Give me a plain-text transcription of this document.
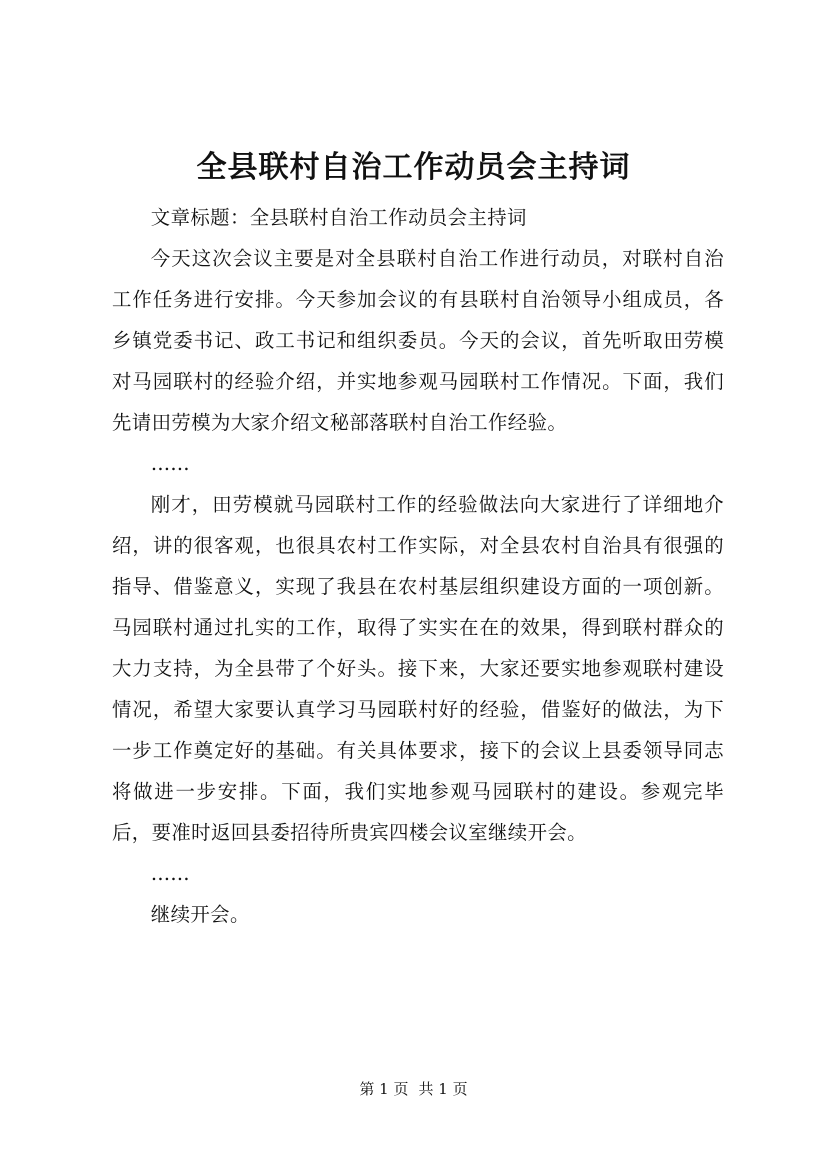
全县联村自治工作动员会主持词

文章标题：全县联村自治工作动员会主持词

今天这次会议主要是对全县联村自治工作进行动员，对联村自治工作任务进行安排。今天参加会议的有县联村自治领导小组成员，各乡镇党委书记、政工书记和组织委员。今天的会议，首先听取田劳模对马园联村的经验介绍，并实地参观马园联村工作情况。下面，我们先请田劳模为大家介绍文秘部落联村自治工作经验。

……

刚才，田劳模就马园联村工作的经验做法向大家进行了详细地介绍，讲的很客观，也很具农村工作实际，对全县农村自治具有很强的指导、借鉴意义，实现了我县在农村基层组织建设方面的一项创新。马园联村通过扎实的工作，取得了实实在在的效果，得到联村群众的大力支持，为全县带了个好头。接下来，大家还要实地参观联村建设情况，希望大家要认真学习马园联村好的经验，借鉴好的做法，为下一步工作奠定好的基础。有关具体要求，接下的会议上县委领导同志将做进一步安排。下面，我们实地参观马园联村的建设。参观完毕后，要准时返回县委招待所贵宾四楼会议室继续开会。

……

继续开会。

第 1 页 共 1 页
